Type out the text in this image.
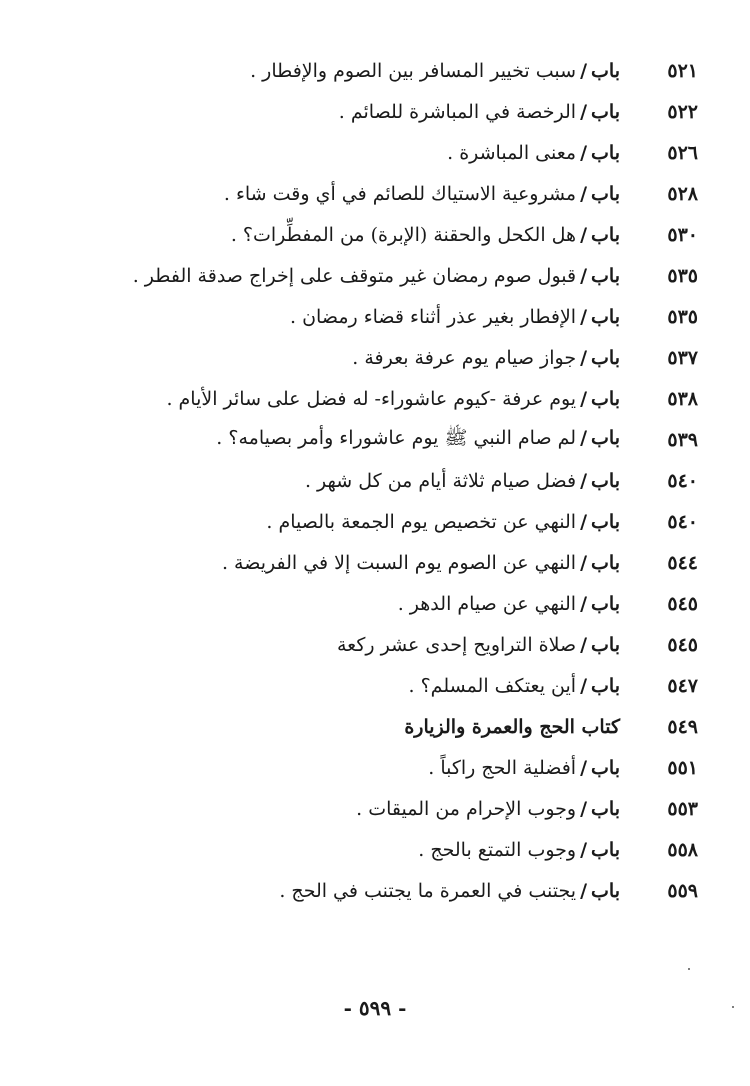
٥٢١
باب/سبب تخيير المسافر بين الصوم والإفطار .
٥٢٢
باب/الرخصة في المباشرة للصائم .
٥٢٦
باب/معنى المباشرة .
٥٢٨
باب/مشروعية الاستياك للصائم في أي وقت شاء .
٥٣٠
باب/هل الكحل والحقنة (الإبرة) من المفطِّرات؟ .
٥٣٥
باب/قبول صوم رمضان غير متوقف على إخراج صدقة الفطر .
٥٣٥
باب/الإفطار بغير عذر أثناء قضاء رمضان .
٥٣٧
باب/جواز صيام يوم عرفة بعرفة .
٥٣٨
باب/يوم عرفة -كيوم عاشوراء- له فضل على سائر الأيام .
٥٣٩
باب/لم صام النبي ﷺ يوم عاشوراء وأمر بصيامه؟ .
٥٤٠
باب/فضل صيام ثلاثة أيام من كل شهر .
٥٤٠
باب/النهي عن تخصيص يوم الجمعة بالصيام .
٥٤٤
باب/النهي عن الصوم يوم السبت إلا في الفريضة .
٥٤٥
باب/النهي عن صيام الدهر .
٥٤٥
باب/صلاة التراويح إحدى عشر ركعة
٥٤٧
باب/أين يعتكف المسلم؟ .
٥٤٩
كتاب الحج والعمرة والزيارة
٥٥١
باب/أفضلية الحج راكباً .
٥٥٣
باب/وجوب الإحرام من الميقات .
٥٥٨
باب/وجوب التمتع بالحج .
٥٥٩
باب/يجتنب في العمرة ما يجتنب في الحج .
- ٥٩٩ -
